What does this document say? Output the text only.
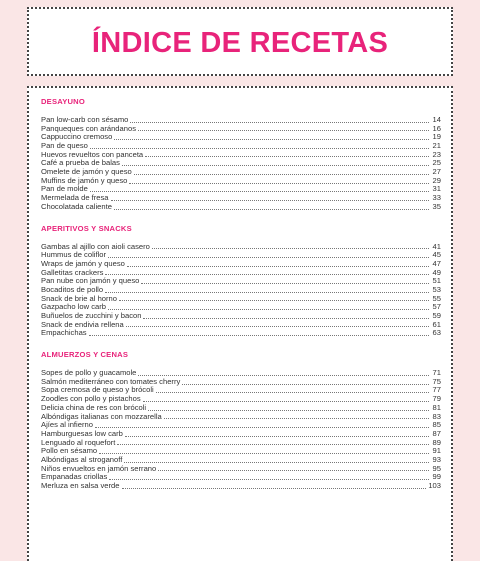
ÍNDICE DE RECETAS
DESAYUNO
Pan low-carb con sésamo	14
Panqueques con arándanos	16
Cappuccino cremoso	19
Pan de queso	21
Huevos revueltos con panceta	23
Café a prueba de balas	25
Omelete de jamón y queso	27
Muffins de jamón y queso	29
Pan de molde	31
Mermelada de fresa	33
Chocolatada caliente	35
APERITIVOS Y SNACKS
Gambas al ajillo con aioli casero	41
Hummus de coliflor	45
Wraps de jamón y queso	47
Galletitas crackers	49
Pan nube con jamón y queso	51
Bocaditos de pollo	53
Snack de brie al horno	55
Gazpacho low carb	57
Buñuelos de zucchini y bacon	59
Snack de endivia rellena	61
Empachichas	63
ALMUERZOS Y CENAS
Sopes de pollo y guacamole	71
Salmón mediterráneo con tomates cherry	75
Sopa cremosa de queso y brócoli	77
Zoodles con pollo y pistachos	79
Delicia china de res con brócoli	81
Albóndigas italianas con mozzarella	83
Ajíes al infierno	85
Hamburguesas low carb	87
Lenguado al roquefort	89
Pollo en sésamo	91
Albóndigas al stroganoff	93
Niños envueltos en jamón serrano	95
Empanadas criollas	99
Merluza en salsa verde	103
